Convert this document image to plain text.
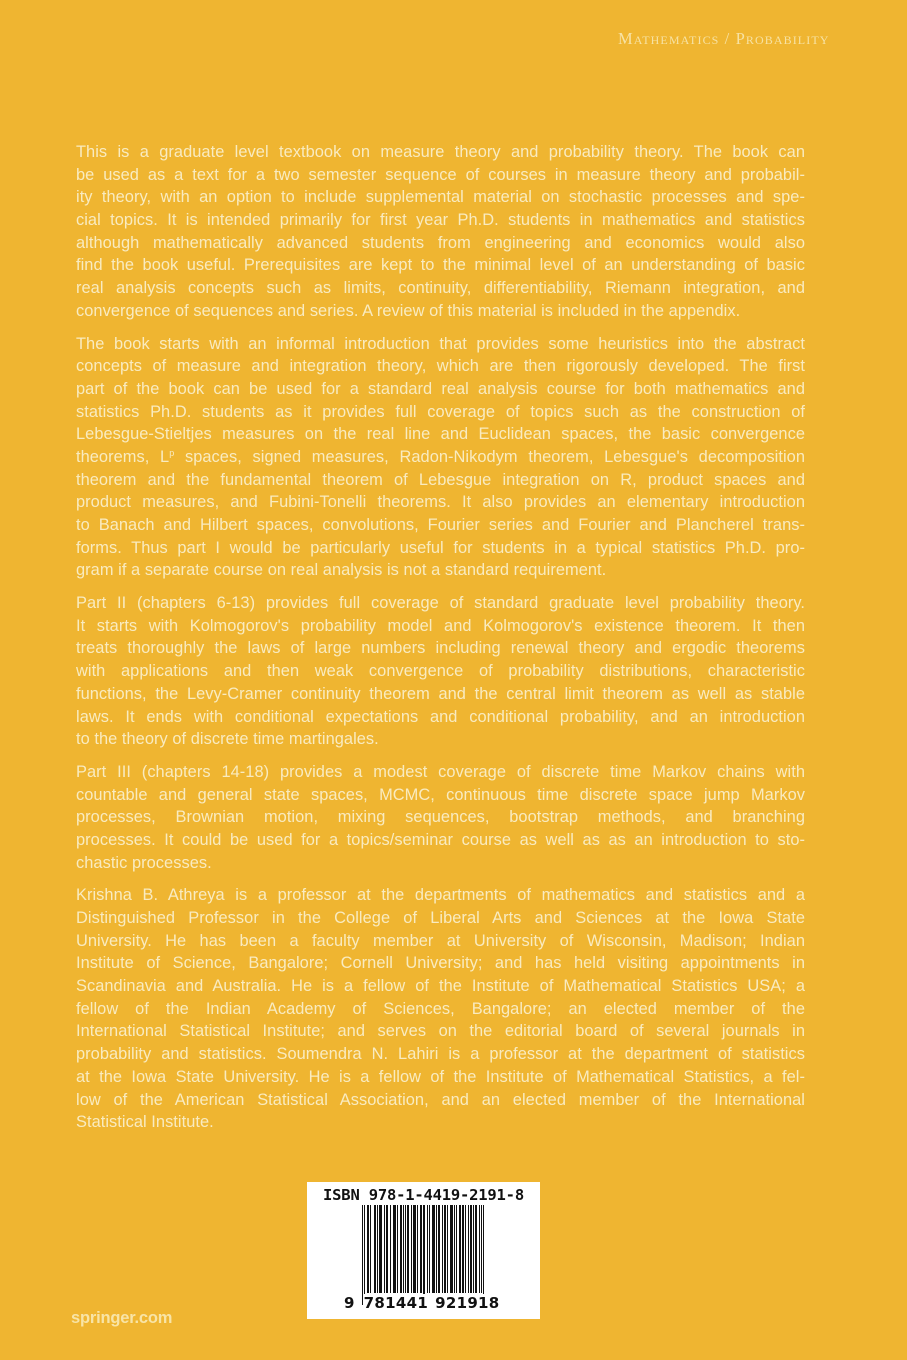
Mathematics / Probability
This is a graduate level textbook on measure theory and probability theory. The book can
be used as a text for a two semester sequence of courses in measure theory and probabil-
ity theory, with an option to include supplemental material on stochastic processes and spe-
cial topics. It is intended primarily for first year Ph.D. students in mathematics and statistics
although mathematically advanced students from engineering and economics would also
find the book useful. Prerequisites are kept to the minimal level of an understanding of basic
real analysis concepts such as limits, continuity, differentiability, Riemann integration, and
convergence of sequences and series. A review of this material is included in the appendix.
The book starts with an informal introduction that provides some heuristics into the abstract
concepts of measure and integration theory, which are then rigorously developed. The first
part of the book can be used for a standard real analysis course for both mathematics and
statistics Ph.D. students as it provides full coverage of topics such as the construction of
Lebesgue-Stieltjes measures on the real line and Euclidean spaces, the basic convergence
theorems, $L^p$ spaces, signed measures, Radon-Nikodym theorem, Lebesgue's decomposition
theorem and the fundamental theorem of Lebesgue integration on R, product spaces and
product measures, and Fubini-Tonelli theorems. It also provides an elementary introduction
to Banach and Hilbert spaces, convolutions, Fourier series and Fourier and Plancherel trans-
forms. Thus part I would be particularly useful for students in a typical statistics Ph.D. pro-
gram if a separate course on real analysis is not a standard requirement.
Part II (chapters 6-13) provides full coverage of standard graduate level probability theory.
It starts with Kolmogorov's probability model and Kolmogorov's existence theorem. It then
treats thoroughly the laws of large numbers including renewal theory and ergodic theorems
with applications and then weak convergence of probability distributions, characteristic
functions, the Levy-Cramer continuity theorem and the central limit theorem as well as stable
laws. It ends with conditional expectations and conditional probability, and an introduction
to the theory of discrete time martingales.
Part III (chapters 14-18) provides a modest coverage of discrete time Markov chains with
countable and general state spaces, MCMC, continuous time discrete space jump Markov
processes, Brownian motion, mixing sequences, bootstrap methods, and branching
processes. It could be used for a topics/seminar course as well as as an introduction to sto-
chastic processes.
Krishna B. Athreya is a professor at the departments of mathematics and statistics and a
Distinguished Professor in the College of Liberal Arts and Sciences at the Iowa State
University. He has been a faculty member at University of Wisconsin, Madison; Indian
Institute of Science, Bangalore; Cornell University; and has held visiting appointments in
Scandinavia and Australia. He is a fellow of the Institute of Mathematical Statistics USA; a
fellow of the Indian Academy of Sciences, Bangalore; an elected member of the
International Statistical Institute; and serves on the editorial board of several journals in
probability and statistics. Soumendra N. Lahiri is a professor at the department of statistics
at the Iowa State University. He is a fellow of the Institute of Mathematical Statistics, a fel-
low of the American Statistical Association, and an elected member of the International
Statistical Institute.
ISBN 978-1-4419-2191-8
9 781441 921918
springer.com
